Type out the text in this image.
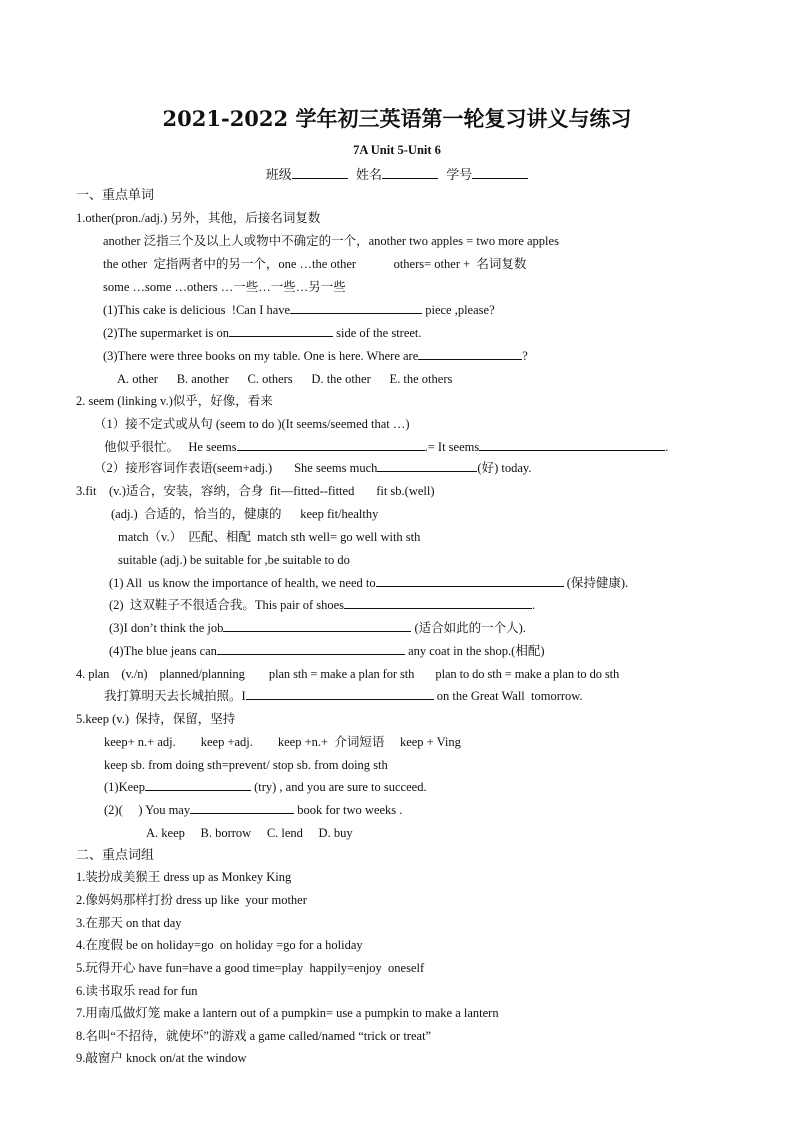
2021-2022 学年初三英语第一轮复习讲义与练习
7A Unit 5-Unit 6
班级	姓名	学号
一、重点单词
1.other(pron./adj.) 另外，其他，后接名词复数
another 泛指三个及以上人或物中不确定的一个，another two apples = two more apples
the other  定指两者中的另一个，one …the other            others= other +  名词复数
some …some …others …一些…一些…另一些
(1)This cake is delicious  !Can I have	piece ,please?
(2)The supermarket is on	side of the street.
(3)There were three books on my table. One is here. Where are	?
A. other      B. another      C. others      D. the other      E. the others
2. seem (linking v.)似乎，好像，看来
（1）接不定式或从句 (seem to do )(It seems/seemed that …)
他似乎很忙。   He seems	.= It seems	.
（2）接形容词作表语(seem+adj.)       She seems much	(好) today.
3.fit    (v.)适合，安装，容纳，合身  fit—fitted--fitted       fit sb.(well)
(adj.)  合适的，恰当的，健康的      keep fit/healthy
match（v.）  匹配、相配  match sth well= go well with sth
suitable (adj.) be suitable for ,be suitable to do
(1) All  us know the importance of health, we need to	(保持健康).
(2)  这双鞋子不很适合我。This pair of shoes	.
(3)I don’t think the job	(适合如此的一个人).
(4)The blue jeans can	any coat in the shop.(相配)
4. plan    (v./n)    planned/planning        plan sth = make a plan for sth       plan to do sth = make a plan to do sth
我打算明天去长城拍照。I	on the Great Wall  tomorrow.
5.keep (v.)  保持，保留，坚持
keep+ n.+ adj.        keep +adj.        keep +n.+  介词短语     keep + Ving
keep sb. from doing sth=prevent/ stop sb. from doing sth
(1)Keep	(try) , and you are sure to succeed.
(2)(     ) You may	book for two weeks .
A. keep     B. borrow     C. lend     D. buy
二、重点词组
1.装扮成美猴王 dress up as Monkey King
2.像妈妈那样打扮 dress up like  your mother
3.在那天 on that day
4.在度假 be on holiday=go  on holiday =go for a holiday
5.玩得开心 have fun=have a good time=play  happily=enjoy  oneself
6.读书取乐 read for fun
7.用南瓜做灯笼 make a lantern out of a pumpkin= use a pumpkin to make a lantern
8.名叫“不招待，就使坏”的游戏 a game called/named “trick or treat”
9.敲窗户 knock on/at the window
